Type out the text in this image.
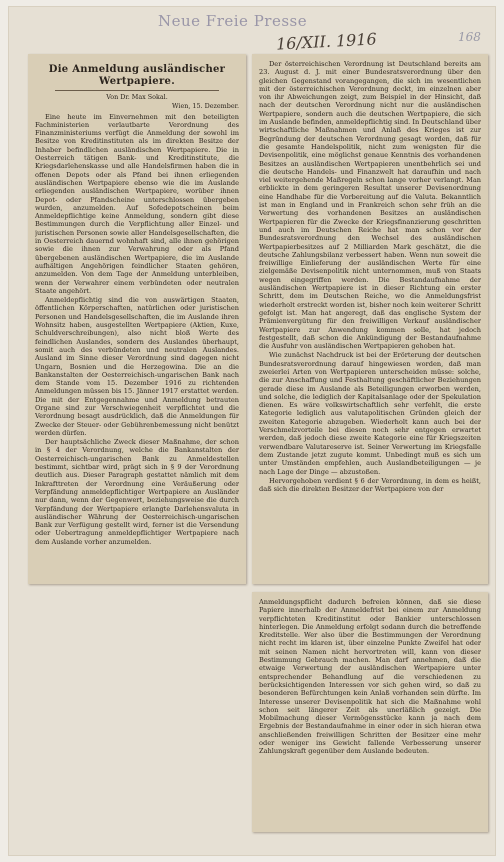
Neue Freie Presse
16/XII. 1916	168
Die Anmeldung ausländischer Wertpapiere.
Von Dr. Max Sokal.
Wien, 15. Dezember.

Eine heute im Einvernehmen mit den beteiligten Fachministerien verlautbarte Verordnung des Finanzministeriums verfügt die Anmeldung der sowohl im Besitze von Kreditinstituten als im direkten Besitze der Inhaber befindlichen ausländischen Wertpapiere. Die in Oesterreich tätigen Bank- und Kreditinstitute, die Kriegsdarlehenskasse und alle Handelsfirmen haben die in offenen Depots oder als Pfand bei ihnen erliegenden ausländischen Wertpapiere ebenso wie die im Auslande erliegenden ausländischen Wertpapiere, worüber ihnen Depot- oder Pfandscheine unterschlossen übergeben wurden, anzumelden. Auf Sofedepotscheinen beim Anmeldepflichtige keine Anmeldung, sondern gibt diese Bestimmungen durch die Verpflichtung aller Einzel- und juristischen Personen sowie aller Handelsgesellschaften, die in Oesterreich dauernd wohnhaft sind, alle ihnen gehörigen sowie die ihnen zur Verwahrung oder als Pfand übergebenen ausländischen Wertpapiere, die im Auslande aufhältigen Angehörigen feindlicher Staaten gehören, anzumelden. Von dem Tage der Anmeldung unterbleiben, wenn der Verwahrer einem verbündeten oder neutralen Staate angehört.

Anmeldepflichtig sind die von auswärtigen Staaten, öffentlichen Körperschaften, natürlichen oder juristischen Personen und Handelsgesellschaften, die im Auslande ihren Wohnsitz haben, ausgestellten Wertpapiere (Aktien, Kuxe, Schuldverschreibungen), also nicht bloß Werte des feindlichen Auslandes, sondern des Auslandes überhaupt, somit auch des verbündeten und neutralen Auslandes. Ausland im Sinne dieser Verordnung sind dagegen nicht Ungarn, Bosnien und die Herzegowina. Die an die Bankanstalten der Oesterreichisch-ungarischen Bank nach dem Stande vom 15. Dezember 1916 zu richtenden Anmeldungen müssen bis 15. Jänner 1917 erstattet werden. Die mit der Entgegennahme und Anmeldung betrauten Organe sind zur Verschwiegenheit verpflichtet und die Verordnung besagt ausdrücklich, daß die Anmeldungen für Zwecke der Steuer- oder Gebührenbemessung nicht benützt werden dürfen.

Der hauptsächliche Zweck dieser Maßnahme, der schon in § 4 der Verordnung, welche die Bankanstalten der Oesterreichisch-ungarischen Bank zu Anmeldestellen bestimmt, sichtbar wird, prägt sich in § 9 der Verordnung deutlich aus. Dieser Paragraph gestattet nämlich mit dem Inkrafttreten der Verordnung eine Veräußerung oder Verpfändung anmeldepflichtiger Wertpapiere an Ausländer nur dann, wenn der Gegenwert, beziehungsweise die durch Verpfändung der Wertpapiere erlangte Darlehensvaluta in ausländischer Währung der Oesterreichisch-ungarischen Bank zur Verfügung gestellt wird, ferner ist die Versendung oder Uebertragung anmeldepflichtiger Wertpapiere nach dem Auslande vorher anzumelden.

Der österreichischen Verordnung ist Deutschland bereits am 23. August d. J. mit einer Bundesratsverordnung über den gleichen Gegenstand vorangegangen, die sich im wesentlichen mit der österreichischen Verordnung deckt, im einzelnen aber von ihr Abweichungen zeigt, zum Beispiel in der Hinsicht, daß nach der deutschen Verordnung nicht nur die ausländischen Wertpapiere, sondern auch die deutschen Wertpapiere, die sich im Auslande befinden, anmeldepflichtig sind. In Deutschland über wirtschaftliche Maßnahmen und Anlaß des Krieges ist zur Begründung der deutschen Verordnung gesagt worden, daß für die gesamte Handelspolitik, nicht zum wenigsten für die Devisenpolitik, eine möglichst genaue Kenntnis des vorhandenen Besitzes an ausländischen Wertpapieren unentbehrlich sei und die deutsche Handels- und Finanzwelt hat daraufhin und nach viel weitergehende Maßregeln schon lange vorher verlangt. Man erblickte in dem geringeren Resultat unserer Devisenordnung eine Handhabe für die Vorbereitung auf die Valuta. Bekanntlich ist man in England und in Frankreich schon sehr früh an die Verwertung des vorhandenen Besitzes an ausländischen Wertpapieren für die Zwecke der Kriegsfinanzierung geschritten und auch im Deutschen Reiche hat man schon vor der Bundesratsverordnung den Wechsel des ausländischen Wertpapierbesitzes auf 2 Milliarden Mark geschätzt, die die deutsche Zahlungsbilanz verbessert haben. Wenn nun soweit die freiwillige Einlieferung der ausländischen Werte für eine zielgemäße Devisenpolitik nicht unternommen, muß von Staats wegen eingegriffen werden. Die Bestandaufnahme der ausländischen Wertpapiere ist in dieser Richtung ein erster Schritt, dem im Deutschen Reiche, wo die Anmeldungsfrist wiederholt erstreckt worden ist, bisher noch kein weiterer Schritt gefolgt ist. Man hat angeregt, daß das englische System der Prämienvergütung für den freiwilligen Verkauf ausländischer Wertpapiere zur Anwendung kommen solle, hat jedoch festgestellt, daß schon die Ankündigung der Bestandaufnahme die Ausfuhr von ausländischen Wertpapieren gehoben hat.

Wie zunächst Nachdruck ist bei der Erörterung der deutschen Bundesratsverordnung darauf hingewiesen worden, daß man zweierlei Arten von Wertpapieren unterscheiden müsse: solche, die zur Anschaffung und Festhaltung geschäftlicher Beziehungen gerade diese im Auslande als Beteiligungen erworben werden, und solche, die lediglich der Kapitalsanlage oder der Spekulation dienen. Es wäre volkswirtschaftlich sehr verfehlt, die erste Kategorie lediglich aus valutapolitischen Gründen gleich der zweiten Kategorie abzugeben. Wiederholt kann auch bei der Verschmelzvorteile bei diesen noch sehr entgegen erwartet werden, daß jedoch diese zweite Kategorie eine für Kriegszeiten verwendbare Valutareserve ist. Seiner Verwertung im Kriegsfalle dem Zustande jetzt zugute kommt. Unbedingt muß es sich um unter Umständen empfehlen, auch Auslandbeteiligungen — je nach Lage der Dinge — abzustoßen.

Hervorgehoben verdient § 6 der Verordnung, in dem es heißt, daß sich die direkten Besitzer der Wertpapiere von der

Anmeldungspflicht dadurch befreien können, daß sie diese Papiere innerhalb der Anmeldefrist bei einem zur Anmeldung verpflichteten Kreditinstitut oder Bankier unterschlossen hinterlegen. Die Anmeldung erfolgt sodann durch die betreffende Kreditstelle. Wer also über die Bestimmungen der Verordnung nicht recht im klaren ist, über einzelne Punkte Zweifel hat oder mit seinen Namen nicht hervortreten will, kann von dieser Bestimmung Gebrauch machen. Man darf annehmen, daß die etwaige Verwertung der ausländischen Wertpapiere unter entsprechender Behandlung auf die verschiedenen zu berücksichtigenden Interessen vor sich gehen wird, so daß zu besonderen Befürchtungen kein Anlaß vorhanden sein dürfte. Im Interesse unserer Devisenpolitik hat sich die Maßnahme wohl schon seit längerer Zeit als unerläßlich gezeigt. Die Mobilmachung dieser Vermögensstücke kann ja nach dem Ergebnis der Bestandaufnahme in einer oder in sich hieran etwa anschließenden freiwilligen Schritten der Besitzer eine mehr oder weniger ins Gewicht fallende Verbesserung unserer Zahlungskraft gegenüber dem Auslande bedeuten.
